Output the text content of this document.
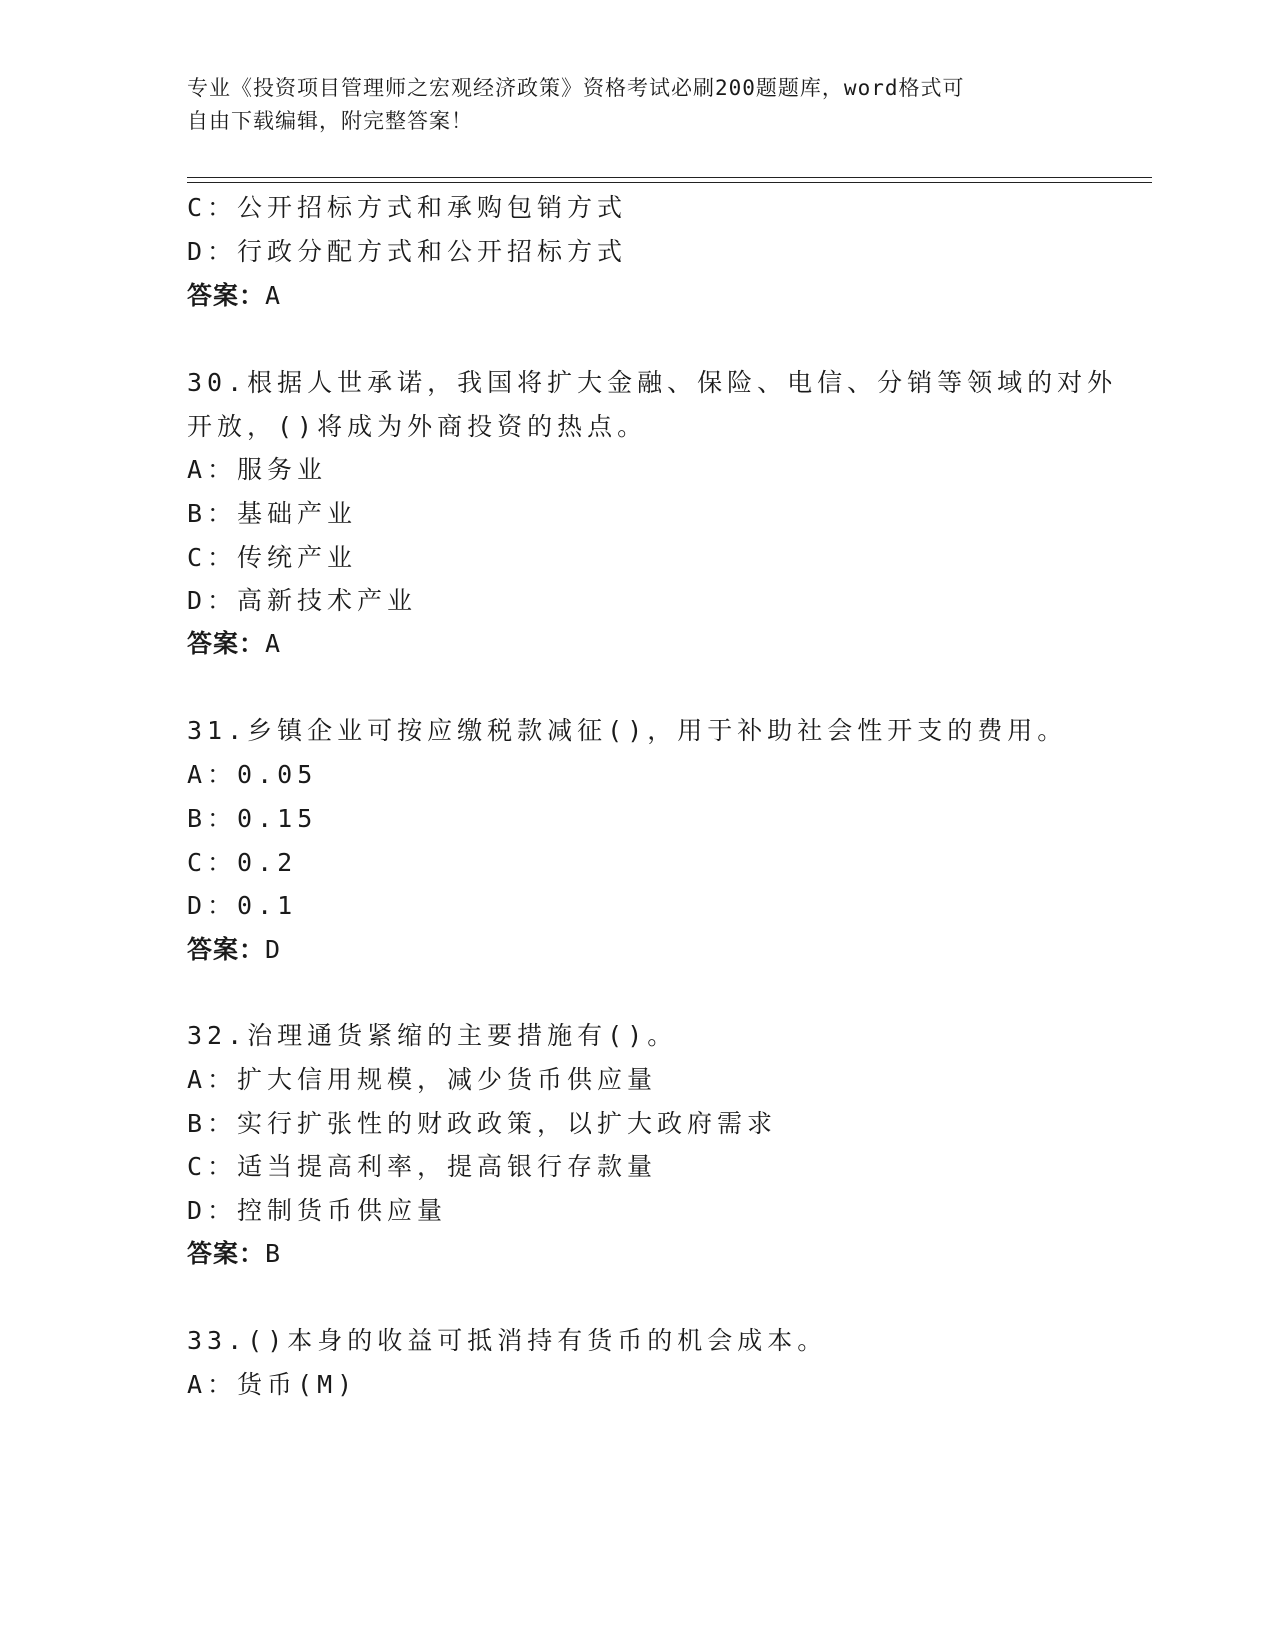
专业《投资项目管理师之宏观经济政策》资格考试必刷200题题库，word格式可
自由下载编辑，附完整答案！
C：公开招标方式和承购包销方式
D：行政分配方式和公开招标方式
答案：A
30.根据人世承诺，我国将扩大金融、保险、电信、分销等领域的对外
开放，()将成为外商投资的热点。
A：服务业
B：基础产业
C：传统产业
D：高新技术产业
答案：A
31.乡镇企业可按应缴税款减征()，用于补助社会性开支的费用。
A：0.05
B：0.15
C：0.2
D：0.1
答案：D
32.治理通货紧缩的主要措施有()。
A：扩大信用规模，减少货币供应量
B：实行扩张性的财政政策，以扩大政府需求
C：适当提高利率，提高银行存款量
D：控制货币供应量
答案：B
33.()本身的收益可抵消持有货币的机会成本。
A：货币(M)
